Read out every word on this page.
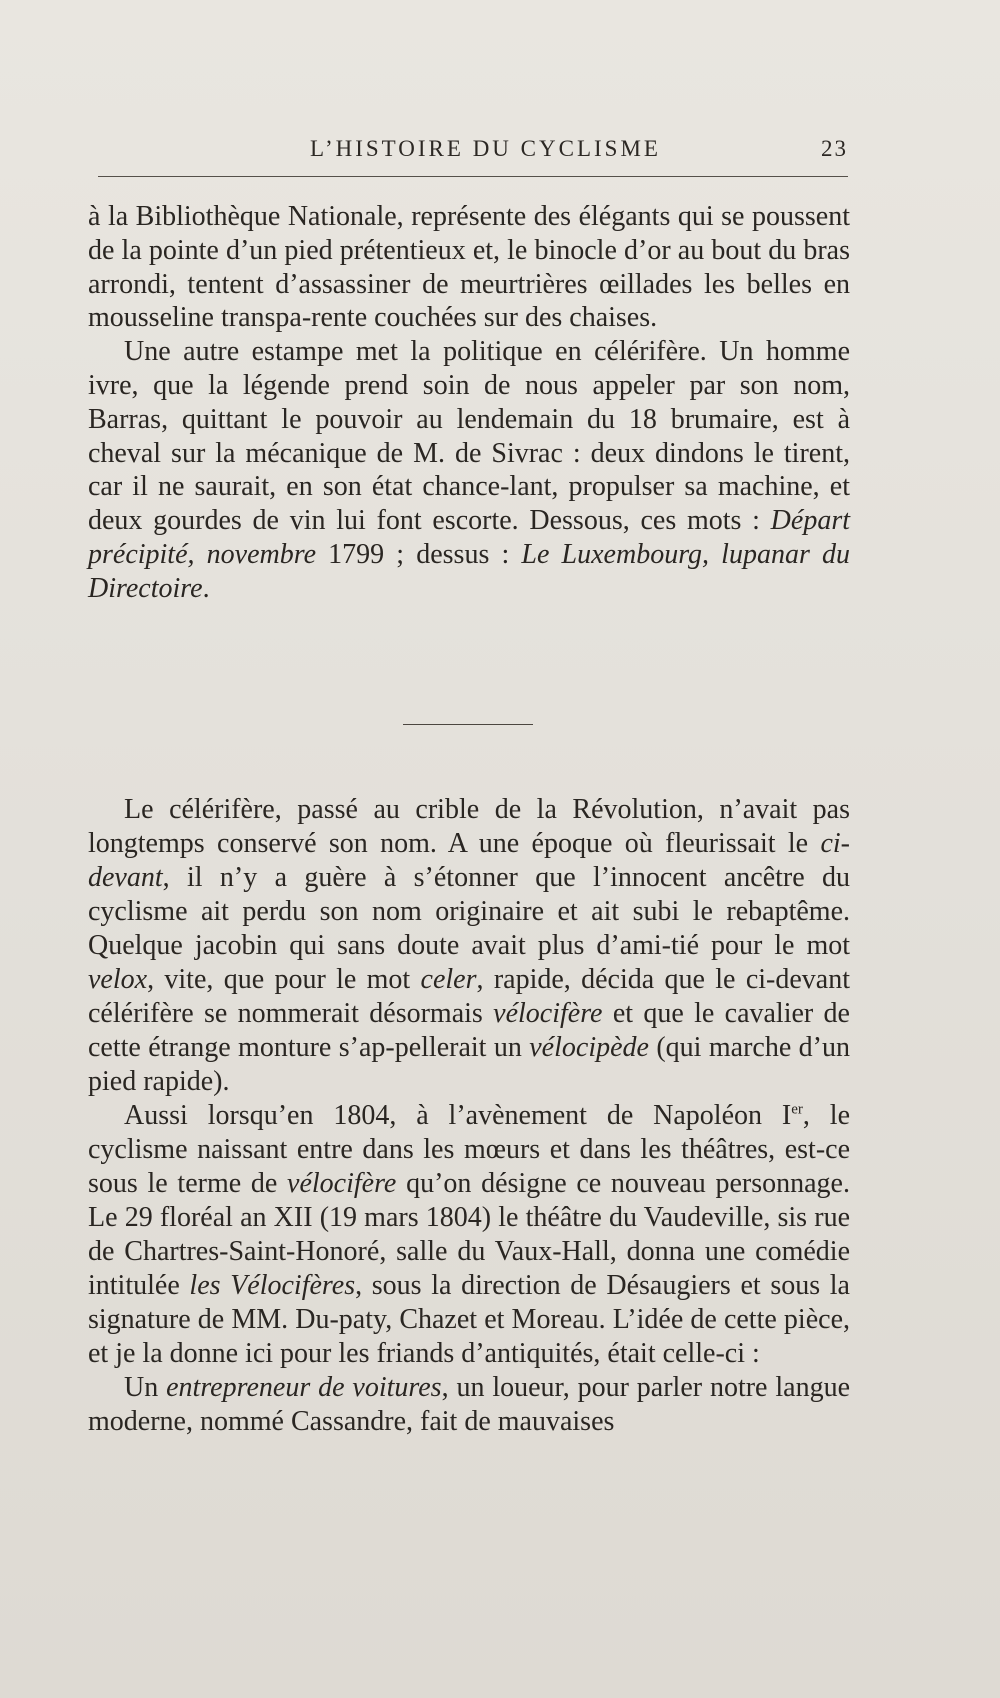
L’HISTOIRE DU CYCLISME	23

à la Bibliothèque Nationale, représente des élégants qui se poussent de la pointe d’un pied prétentieux et, le binocle d’or au bout du bras arrondi, tentent d’assassiner de meurtrières œillades les belles en mousseline transpa-rente couchées sur des chaises.

Une autre estampe met la politique en célérifère. Un homme ivre, que la légende prend soin de nous appeler par son nom, Barras, quittant le pouvoir au lendemain du 18 brumaire, est à cheval sur la mécanique de M. de Sivrac : deux dindons le tirent, car il ne saurait, en son état chance-lant, propulser sa machine, et deux gourdes de vin lui font escorte. Dessous, ces mots : Départ précipité, novembre 1799 ; dessus : Le Luxembourg, lupanar du Directoire.

Le célérifère, passé au crible de la Révolution, n’avait pas longtemps conservé son nom. A une époque où fleurissait le ci-devant, il n’y a guère à s’étonner que l’innocent ancêtre du cyclisme ait perdu son nom originaire et ait subi le rebaptême. Quelque jacobin qui sans doute avait plus d’ami-tié pour le mot velox, vite, que pour le mot celer, rapide, décida que le ci-devant célérifère se nommerait désormais vélocifère et que le cavalier de cette étrange monture s’ap-pellerait un vélocipède (qui marche d’un pied rapide).

Aussi lorsqu’en 1804, à l’avènement de Napoléon Ier, le cyclisme naissant entre dans les mœurs et dans les théâtres, est-ce sous le terme de vélocifère qu’on désigne ce nouveau personnage. Le 29 floréal an XII (19 mars 1804) le théâtre du Vaudeville, sis rue de Chartres-Saint-Honoré, salle du Vaux-Hall, donna une comédie intitulée les Vélocifères, sous la direction de Désaugiers et sous la signature de MM. Du-paty, Chazet et Moreau. L’idée de cette pièce, et je la donne ici pour les friands d’antiquités, était celle-ci :

Un entrepreneur de voitures, un loueur, pour parler notre langue moderne, nommé Cassandre, fait de mauvaises
